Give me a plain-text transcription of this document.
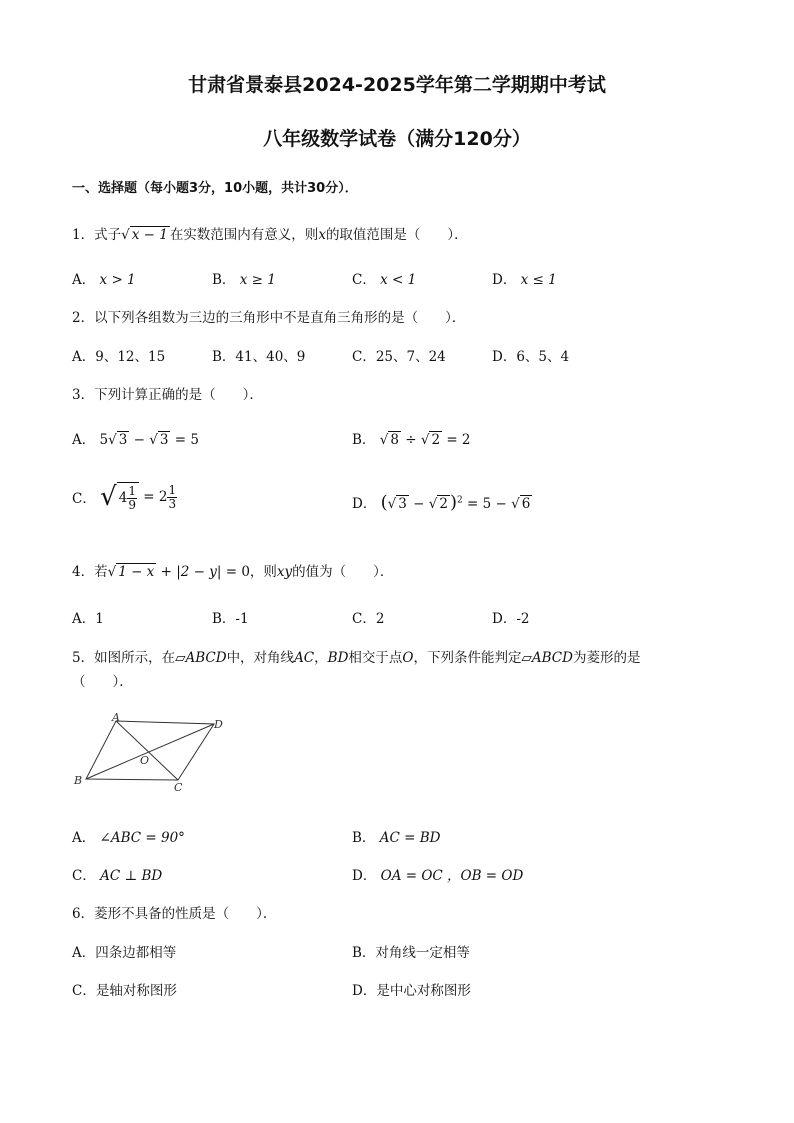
甘肃省景泰县2024-2025学年第二学期期中考试
八年级数学试卷（满分120分）
一、选择题（每小题3分，10小题，共计30分）．
1．式子√ x − 1 在实数范围内有意义，则x的取值范围是（　　）．
A． x > 1	B． x ≥ 1	C． x < 1	D． x ≤ 1
2．以下列各组数为三边的三角形中不是直角三角形的是（　　）．
A．9、12、15	B．41、40、9	C．25、7、24	D．6、5、4
3．下列计算正确的是（　　）．
A． 5√ 3 − √ 3 = 5	B． √ 8 ÷ √ 2 = 2
C． √ $4 \frac{1}{9} = 2 \frac{1}{3}$	D． (√ 3 − √ 2 )$^2$ = 5 − √ 6
4．若√ 1 − x + |2 − y| = 0，则xy的值为（　　）．
A．1	B．-1	C．2	D．-2
5．如图所示，在▱ABCD中，对角线AC，BD相交于点O，下列条件能判定▱ABCD为菱形的是
（　　）．
A
D
O
B
C
A． ∠ABC = 90°	B． AC = BD
C． AC ⊥ BD	D． OA = OC ，OB = OD
6．菱形不具备的性质是（　　）．
A．四条边都相等	B．对角线一定相等
C．是轴对称图形	D．是中心对称图形
